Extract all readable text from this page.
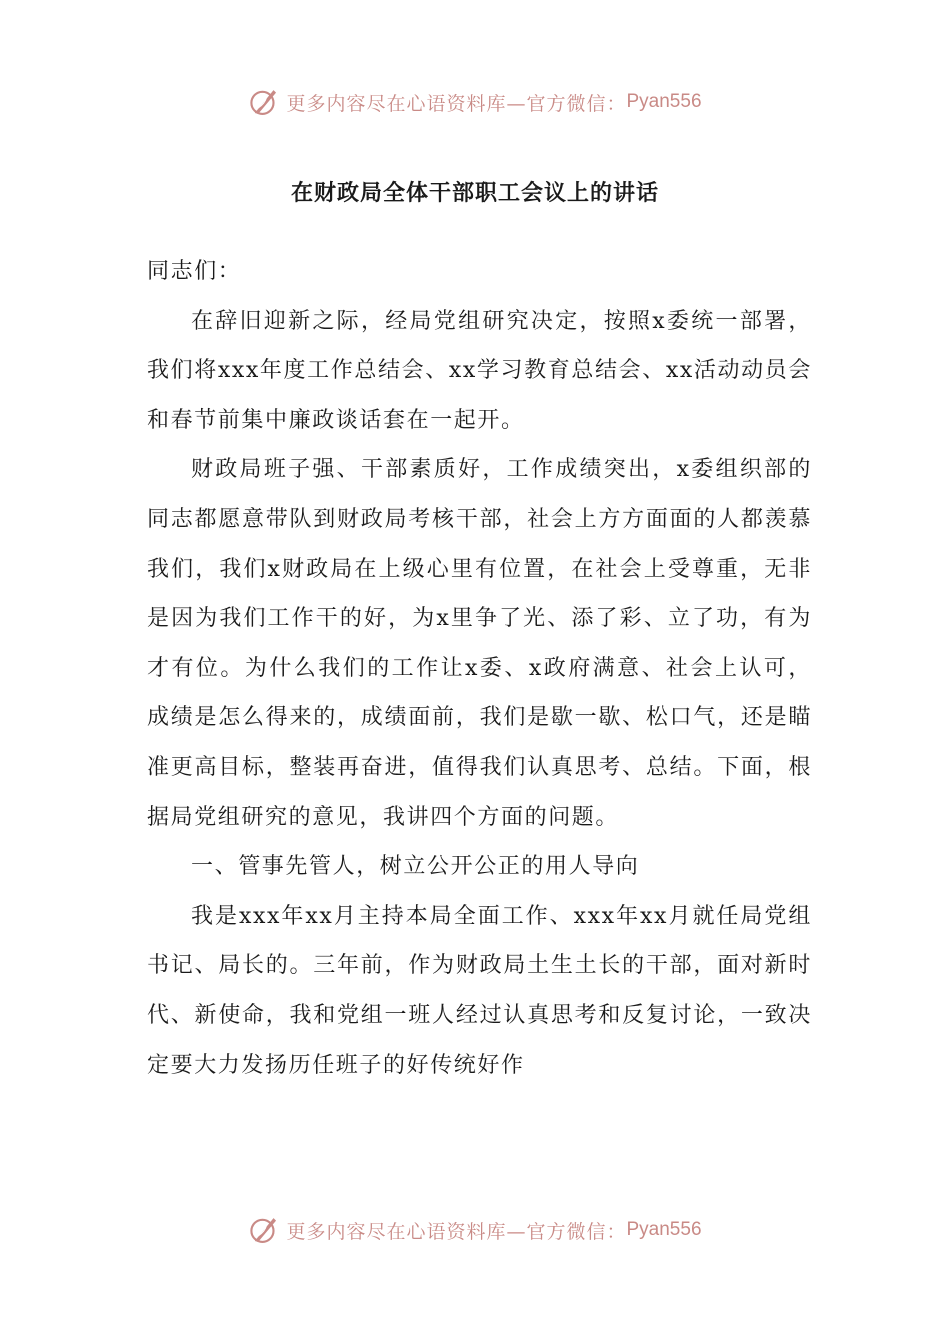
更多内容尽在心语资料库—官方微信： Pyan556
在财政局全体干部职工会议上的讲话

同志们：

在辞旧迎新之际，经局党组研究决定，按照x委统一部署，我们将xxx年度工作总结会、xx学习教育总结会、xx活动动员会和春节前集中廉政谈话套在一起开。

财政局班子强、干部素质好，工作成绩突出，x委组织部的同志都愿意带队到财政局考核干部，社会上方方面面的人都羡慕我们，我们x财政局在上级心里有位置，在社会上受尊重，无非是因为我们工作干的好，为x里争了光、添了彩、立了功，有为才有位。为什么我们的工作让x委、x政府满意、社会上认可，成绩是怎么得来的，成绩面前，我们是歇一歇、松口气，还是瞄准更高目标，整装再奋进，值得我们认真思考、总结。下面，根据局党组研究的意见，我讲四个方面的问题。

一、管事先管人，树立公开公正的用人导向

我是xxx年xx月主持本局全面工作、xxx年xx月就任局党组书记、局长的。三年前，作为财政局土生土长的干部，面对新时代、新使命，我和党组一班人经过认真思考和反复讨论，一致决定要大力发扬历任班子的好传统好作

更多内容尽在心语资料库—官方微信： Pyan556
